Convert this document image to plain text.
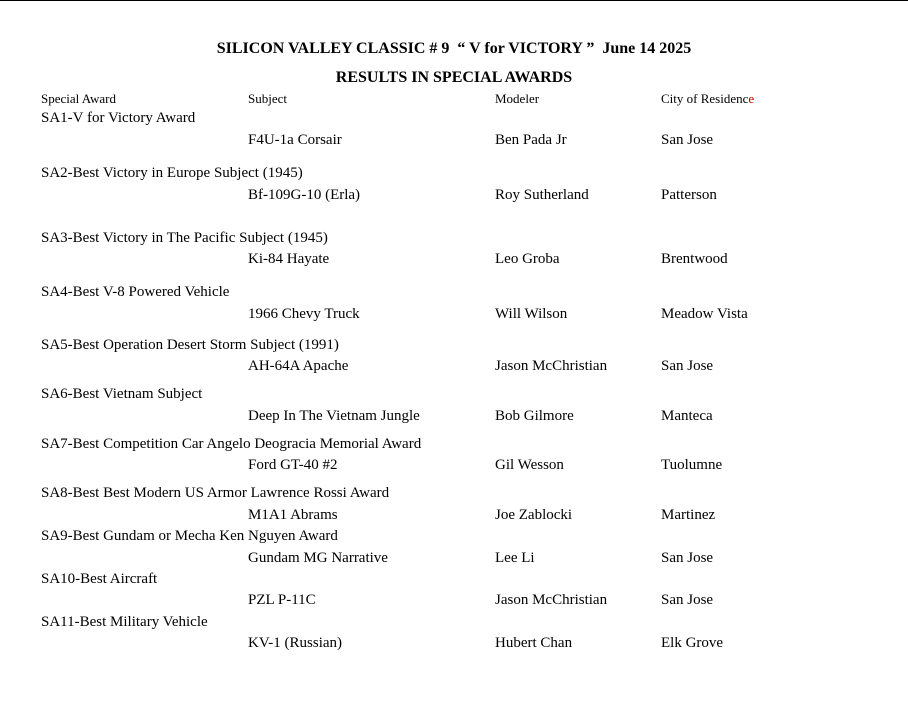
SILICON VALLEY CLASSIC # 9  “ V for VICTORY ”  June 14 2025
RESULTS IN SPECIAL AWARDS
Special Award	Subject	Modeler	City of Residence
SA1-V for Victory Award
F4U-1a Corsair	Ben Pada Jr	San Jose
SA2-Best Victory in Europe Subject (1945)
Bf-109G-10 (Erla)	Roy Sutherland	Patterson
SA3-Best Victory in The Pacific Subject (1945)
Ki-84 Hayate	Leo Groba	Brentwood
SA4-Best V-8 Powered Vehicle
1966 Chevy Truck	Will Wilson	Meadow Vista
SA5-Best Operation Desert Storm Subject (1991)
AH-64A Apache	Jason McChristian	San Jose
SA6-Best Vietnam Subject
Deep In The Vietnam Jungle	Bob Gilmore	Manteca
SA7-Best Competition Car Angelo Deogracia Memorial Award
Ford GT-40 #2	Gil Wesson	Tuolumne
SA8-Best Best Modern US Armor Lawrence Rossi Award
M1A1 Abrams	Joe Zablocki	Martinez
SA9-Best Gundam or Mecha Ken Nguyen Award
Gundam MG Narrative	Lee Li	San Jose
SA10-Best Aircraft
PZL P-11C	Jason McChristian	San Jose
SA11-Best Military Vehicle
KV-1 (Russian)	Hubert Chan	Elk Grove
